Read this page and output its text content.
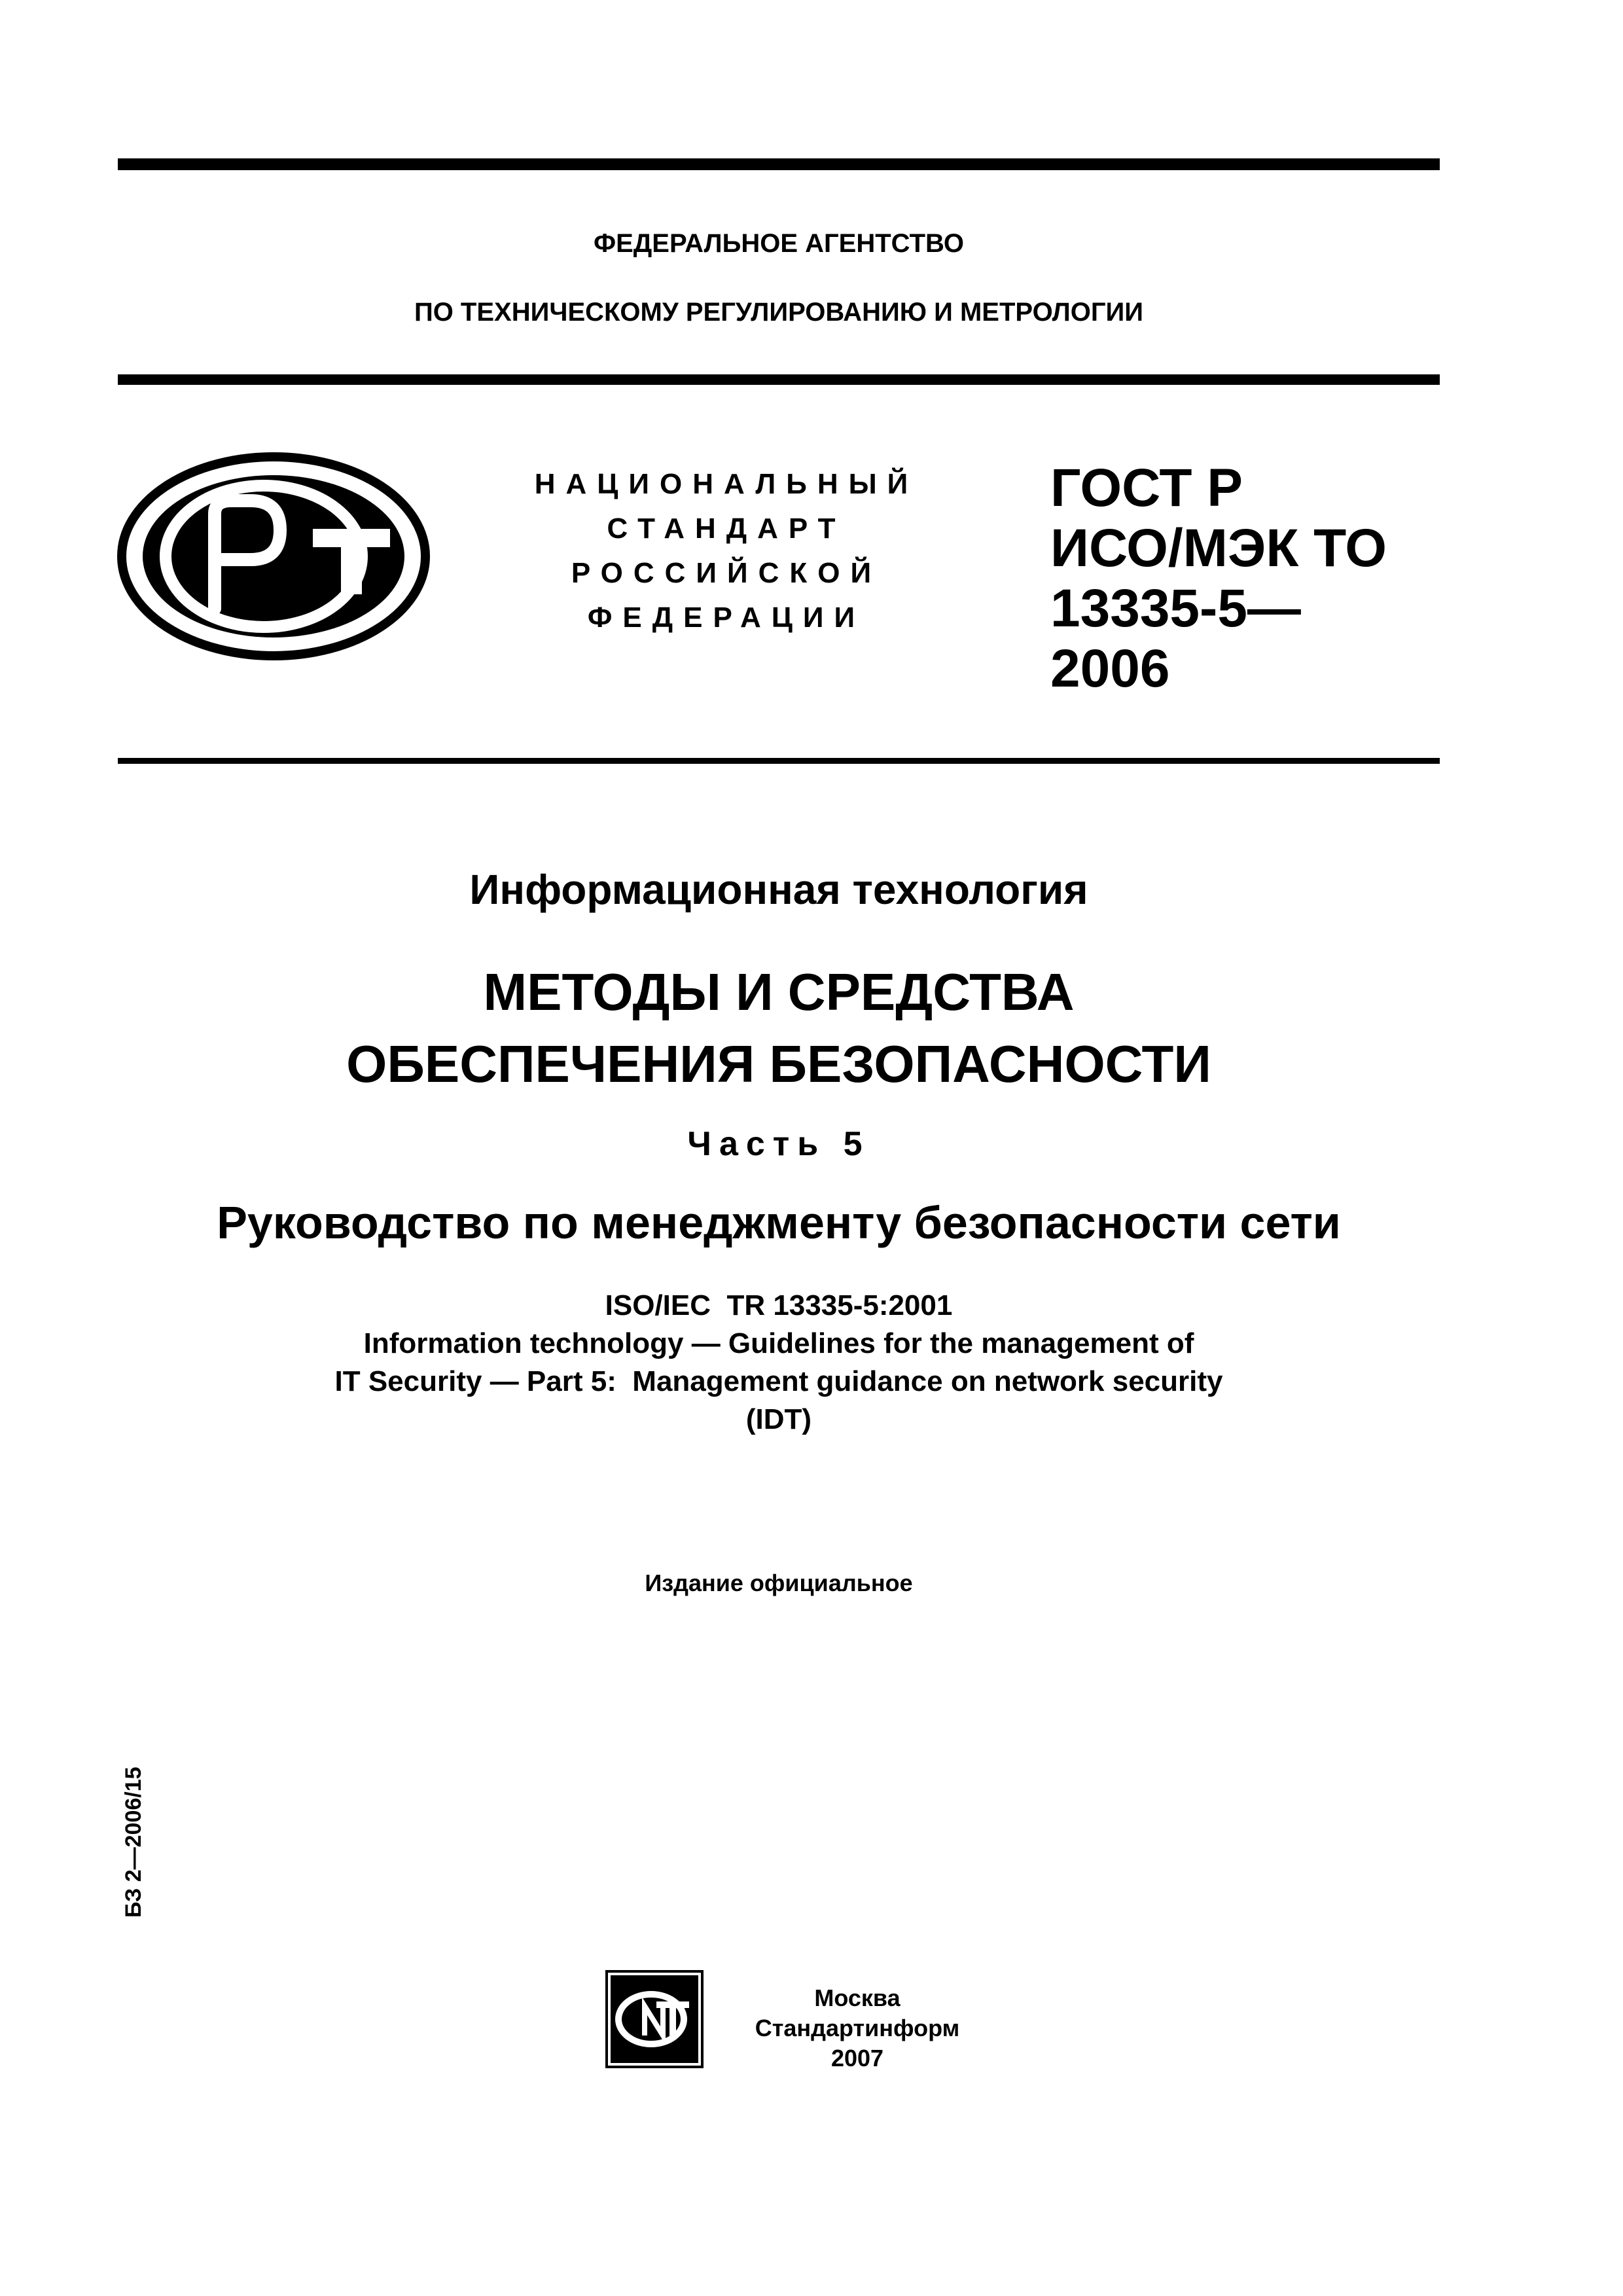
ФЕДЕРАЛЬНОЕ АГЕНТСТВО
ПО ТЕХНИЧЕСКОМУ РЕГУЛИРОВАНИЮ И МЕТРОЛОГИИ
НАЦИОНАЛЬНЫЙ
СТАНДАРТ
РОССИЙСКОЙ
ФЕДЕРАЦИИ
ГОСТ Р
ИСО/МЭК ТО
13335-5—
2006
Информационная технология
МЕТОДЫ И СРЕДСТВА
ОБЕСПЕЧЕНИЯ БЕЗОПАСНОСТИ
Часть 5
Руководство по менеджменту безопасности сети
ISO/IEC  TR 13335-5:2001
Information technology — Guidelines for the management of
IT Security — Part 5:  Management guidance on network security
(IDT)
Издание официальное
БЗ 2—2006/15
Москва
Стандартинформ
2007
